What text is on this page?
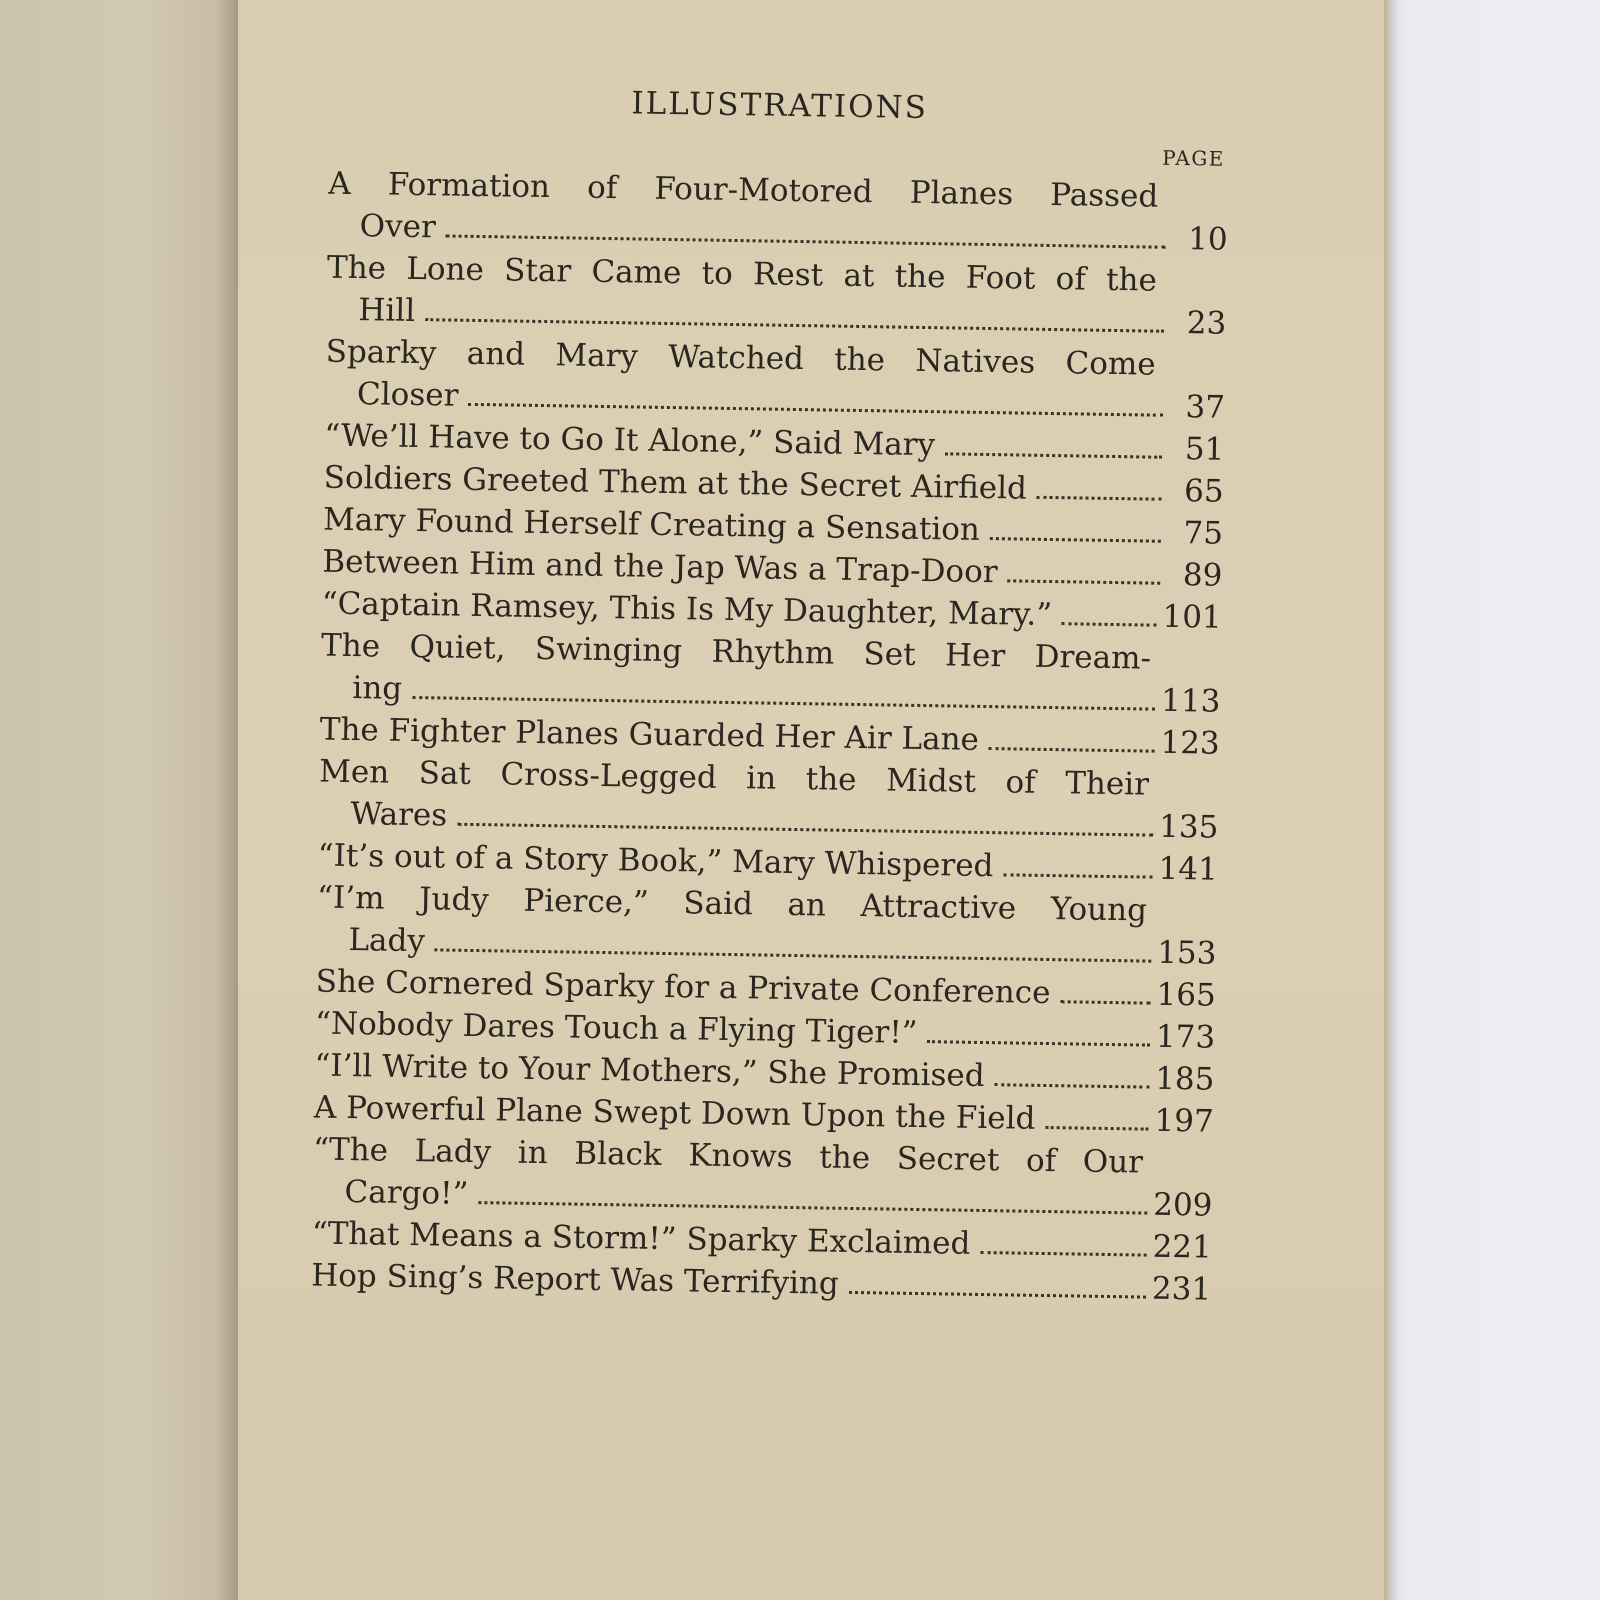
ILLUSTRATIONS
PAGE
A Formation of Four-Motored Planes Passed
Over	10
The Lone Star Came to Rest at the Foot of the
Hill	23
Sparky and Mary Watched the Natives Come
Closer	37
“We’ll Have to Go It Alone,” Said Mary	51
Soldiers Greeted Them at the Secret Airfield	65
Mary Found Herself Creating a Sensation	75
Between Him and the Jap Was a Trap-Door	89
“Captain Ramsey, This Is My Daughter, Mary.”	101
The Quiet, Swinging Rhythm Set Her Dream-
ing	113
The Fighter Planes Guarded Her Air Lane	123
Men Sat Cross-Legged in the Midst of Their
Wares	135
“It’s out of a Story Book,” Mary Whispered	141
“I’m Judy Pierce,” Said an Attractive Young
Lady	153
She Cornered Sparky for a Private Conference	165
“Nobody Dares Touch a Flying Tiger!”	173
“I’ll Write to Your Mothers,” She Promised	185
A Powerful Plane Swept Down Upon the Field	197
“The Lady in Black Knows the Secret of Our
Cargo!”	209
“That Means a Storm!” Sparky Exclaimed	221
Hop Sing’s Report Was Terrifying	231
